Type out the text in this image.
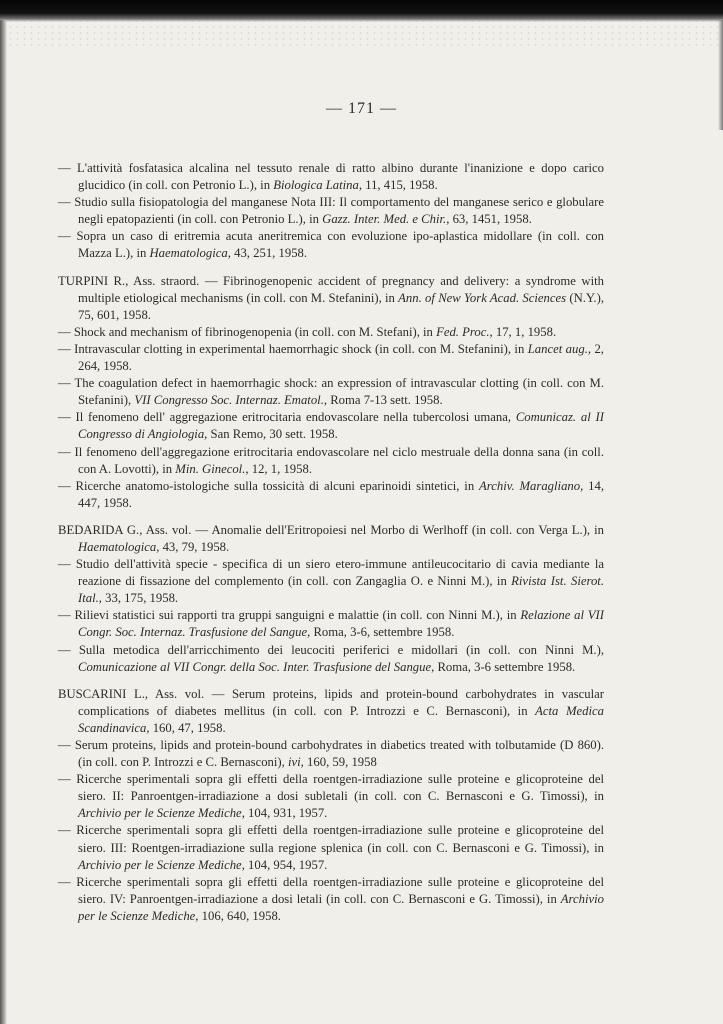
— 171 —
— L'attività fosfatasica alcalina nel tessuto renale di ratto albino durante l'inanizione e dopo carico glucidico (in coll. con Petronio L.), in Biologica Latina, 11, 415, 1958.
— Studio sulla fisiopatologia del manganese Nota III: Il comportamento del manganese serico e globulare negli epatopazienti (in coll. con Petronio L.), in Gazz. Inter. Med. e Chir., 63, 1451, 1958.
— Sopra un caso di eritremia acuta aneritremica con evoluzione ipo-aplastica midollare (in coll. con Mazza L.), in Haematologica, 43, 251, 1958.
TURPINI R., Ass. straord. — Fibrinogenopenic accident of pregnancy and delivery: a syndrome with multiple etiological mechanisms (in coll. con M. Stefanini), in Ann. of New York Acad. Sciences (N.Y.), 75, 601, 1958.
— Shock and mechanism of fibrinogenopenia (in coll. con M. Stefani), in Fed. Proc., 17, 1, 1958.
— Intravascular clotting in experimental haemorrhagic shock (in coll. con M. Stefanini), in Lancet aug., 2, 264, 1958.
— The coagulation defect in haemorrhagic shock: an expression of intravascular clotting (in coll. con M. Stefanini), VII Congresso Soc. Internaz. Ematol., Roma 7-13 sett. 1958.
— Il fenomeno dell' aggregazione eritrocitaria endovascolare nella tubercolosi umana, Comunicaz. al II Congresso di Angiologia, San Remo, 30 sett. 1958.
— Il fenomeno dell'aggregazione eritrocitaria endovascolare nel ciclo mestruale della donna sana (in coll. con A. Lovotti), in Min. Ginecol., 12, 1, 1958.
— Ricerche anatomo-istologiche sulla tossicità di alcuni eparinoidi sintetici, in Archiv. Maragliano, 14, 447, 1958.
BEDARIDA G., Ass. vol. — Anomalie dell'Eritropoiesi nel Morbo di Werlhoff (in coll. con Verga L.), in Haematologica, 43, 79, 1958.
— Studio dell'attività specie - specifica di un siero etero-immune antileucocitario di cavia mediante la reazione di fissazione del complemento (in coll. con Zangaglia O. e Ninni M.), in Rivista Ist. Sierot. Ital., 33, 175, 1958.
— Rilievi statistici sui rapporti tra gruppi sanguigni e malattie (in coll. con Ninni M.), in Relazione al VII Congr. Soc. Internaz. Trasfusione del Sangue, Roma, 3-6, settembre 1958.
— Sulla metodica dell'arricchimento dei leucociti periferici e midollari (in coll. con Ninni M.), Comunicazione al VII Congr. della Soc. Inter. Trasfusione del Sangue, Roma, 3-6 settembre 1958.
BUSCARINI L., Ass. vol. — Serum proteins, lipids and protein-bound carbohydrates in vascular complications of diabetes mellitus (in coll. con P. Introzzi e C. Bernasconi), in Acta Medica Scandinavica, 160, 47, 1958.
— Serum proteins, lipids and protein-bound carbohydrates in diabetics treated with tolbutamide (D 860). (in coll. con P. Introzzi e C. Bernasconi), ivi, 160, 59, 1958
— Ricerche sperimentali sopra gli effetti della roentgen-irradiazione sulle proteine e glicoproteine del siero. II: Panroentgen-irradiazione a dosi subletali (in coll. con C. Bernasconi e G. Timossi), in Archivio per le Scienze Mediche, 104, 931, 1957.
— Ricerche sperimentali sopra gli effetti della roentgen-irradiazione sulle proteine e glicoproteine del siero. III: Roentgen-irradiazione sulla regione splenica (in coll. con C. Bernasconi e G. Timossi), in Archivio per le Scienze Mediche, 104, 954, 1957.
— Ricerche sperimentali sopra gli effetti della roentgen-irradiazione sulle proteine e glicoproteine del siero. IV: Panroentgen-irradiazione a dosi letali (in coll. con C. Bernasconi e G. Timossi), in Archivio per le Scienze Mediche, 106, 640, 1958.
